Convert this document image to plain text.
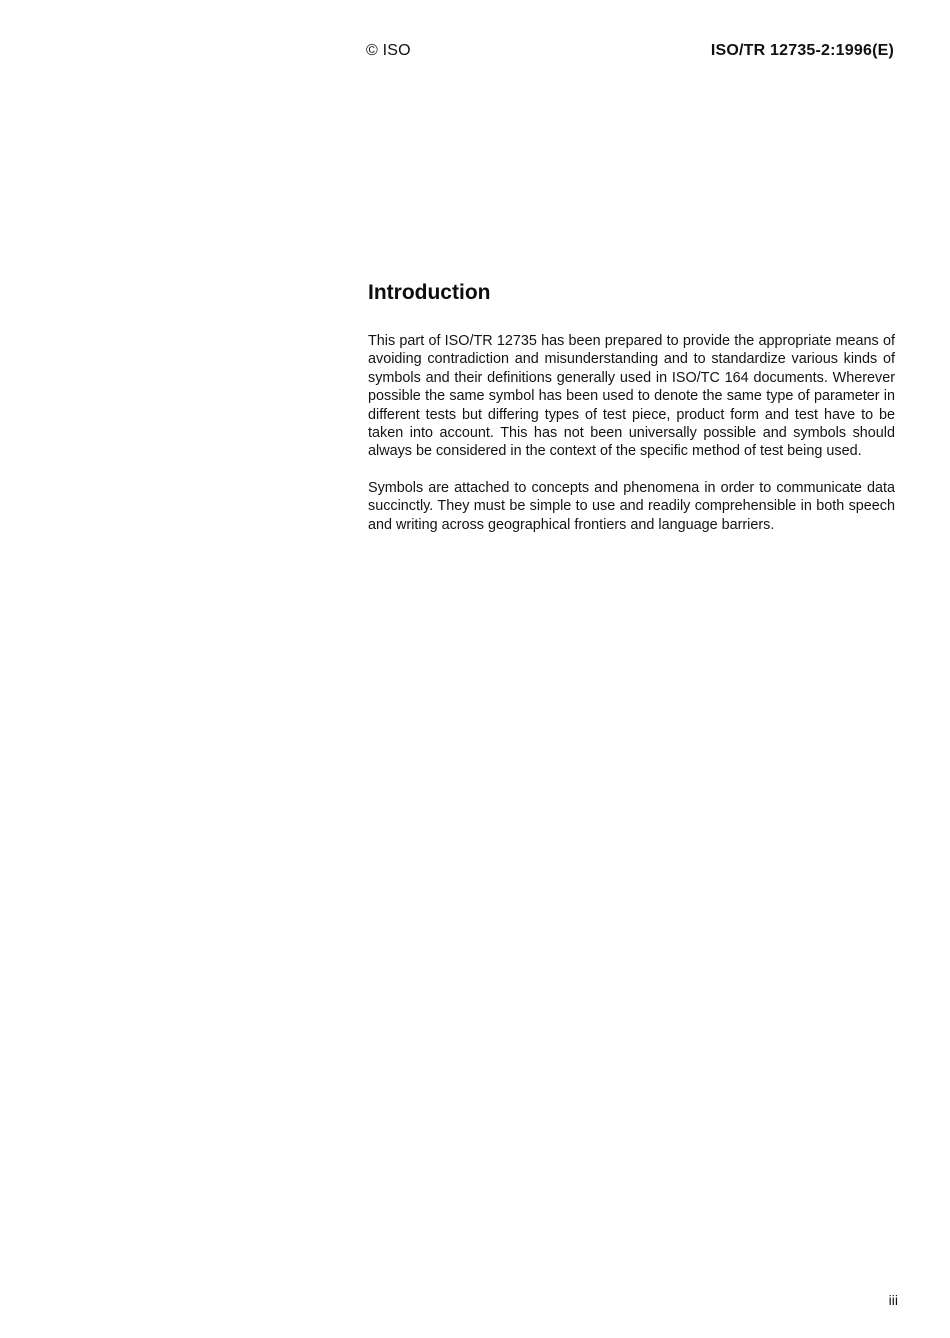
© ISO	ISO/TR 12735-2:1996(E)
Introduction

This part of ISO/TR 12735 has been prepared to provide the appropriate means of avoiding contradiction and misunderstanding and to standardize various kinds of symbols and their definitions generally used in ISO/TC 164 documents. Wherever possible the same symbol has been used to denote the same type of parameter in different tests but differing types of test piece, product form and test have to be taken into account. This has not been universally possible and symbols should always be considered in the context of the specific method of test being used.

Symbols are attached to concepts and phenomena in order to communicate data succinctly. They must be simple to use and readily comprehensible in both speech and writing across geographical frontiers and language barriers.

iii
